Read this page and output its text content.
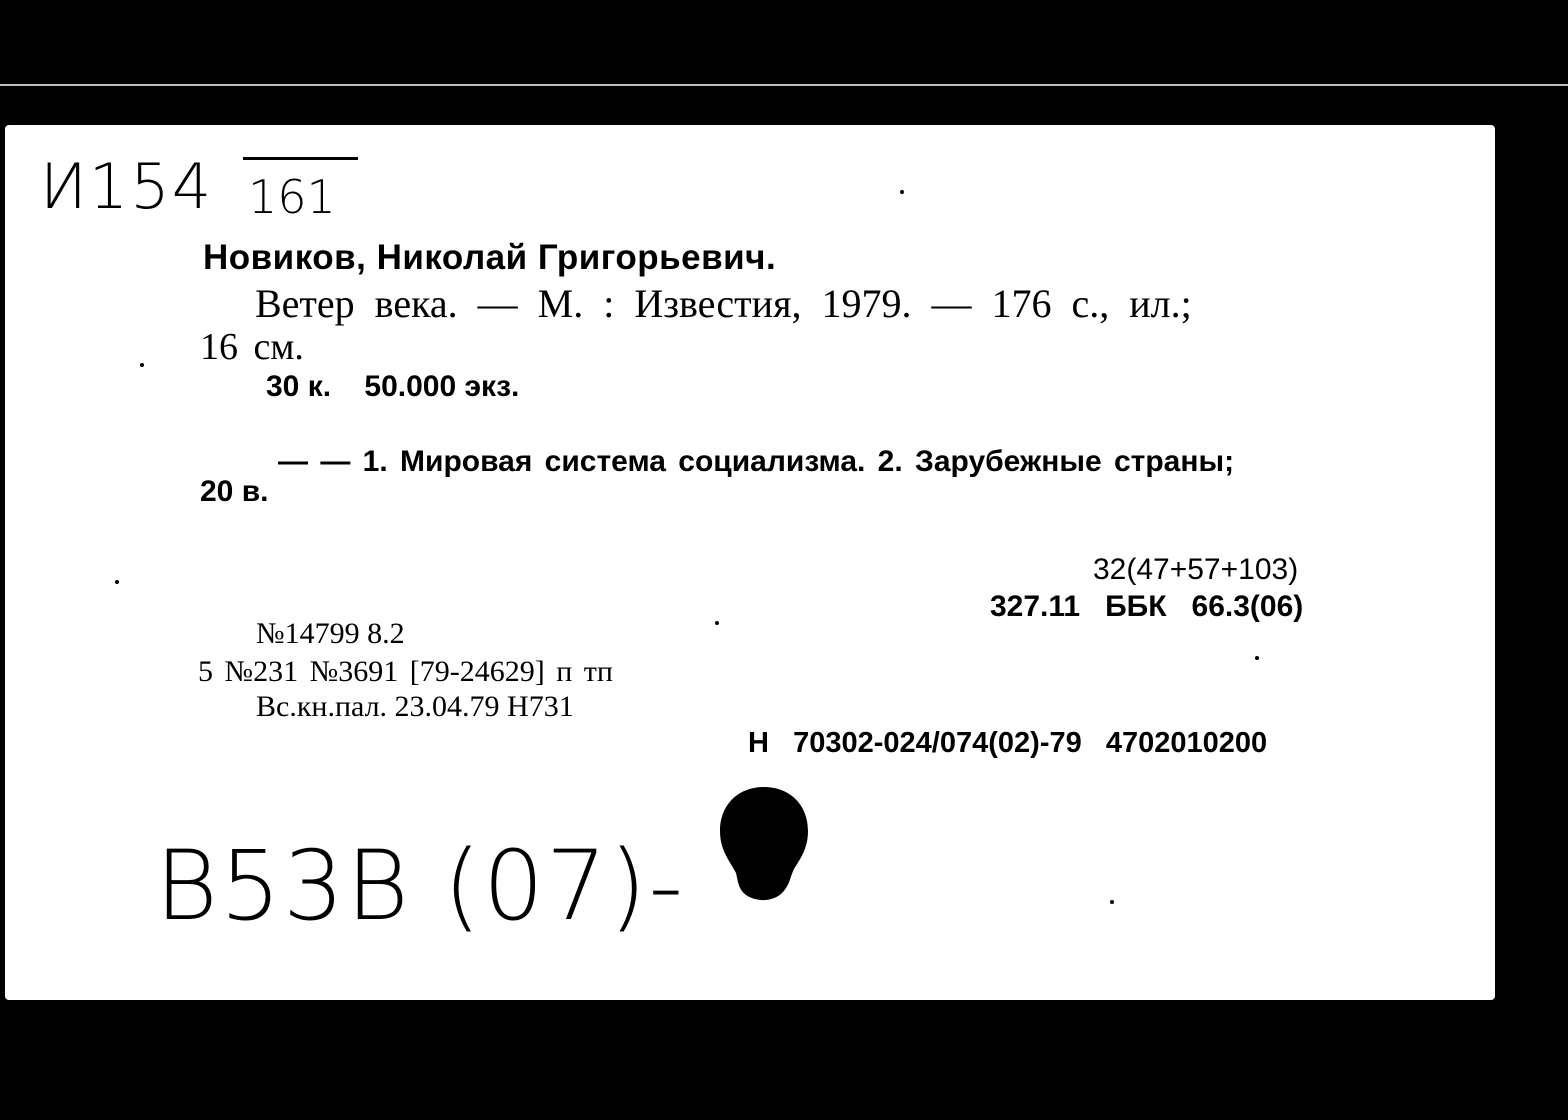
И154 161
Новиков, Николай Григорьевич.
Ветер века. — М. : Известия, 1979. — 176 с., ил.;
16 см.
30 к.    50.000 экз.
— — 1. Мировая система социализма. 2. Зарубежные страны;
20 в.
32(47+57+103)
327.11   ББК   66.3(06)
№14799 8.2
5 №231 №3691 [79-24629] п тп
Вс.кн.пал. 23.04.79 Н731
Н   70302-024/074(02)-79   4702010200
B53B (07)-
